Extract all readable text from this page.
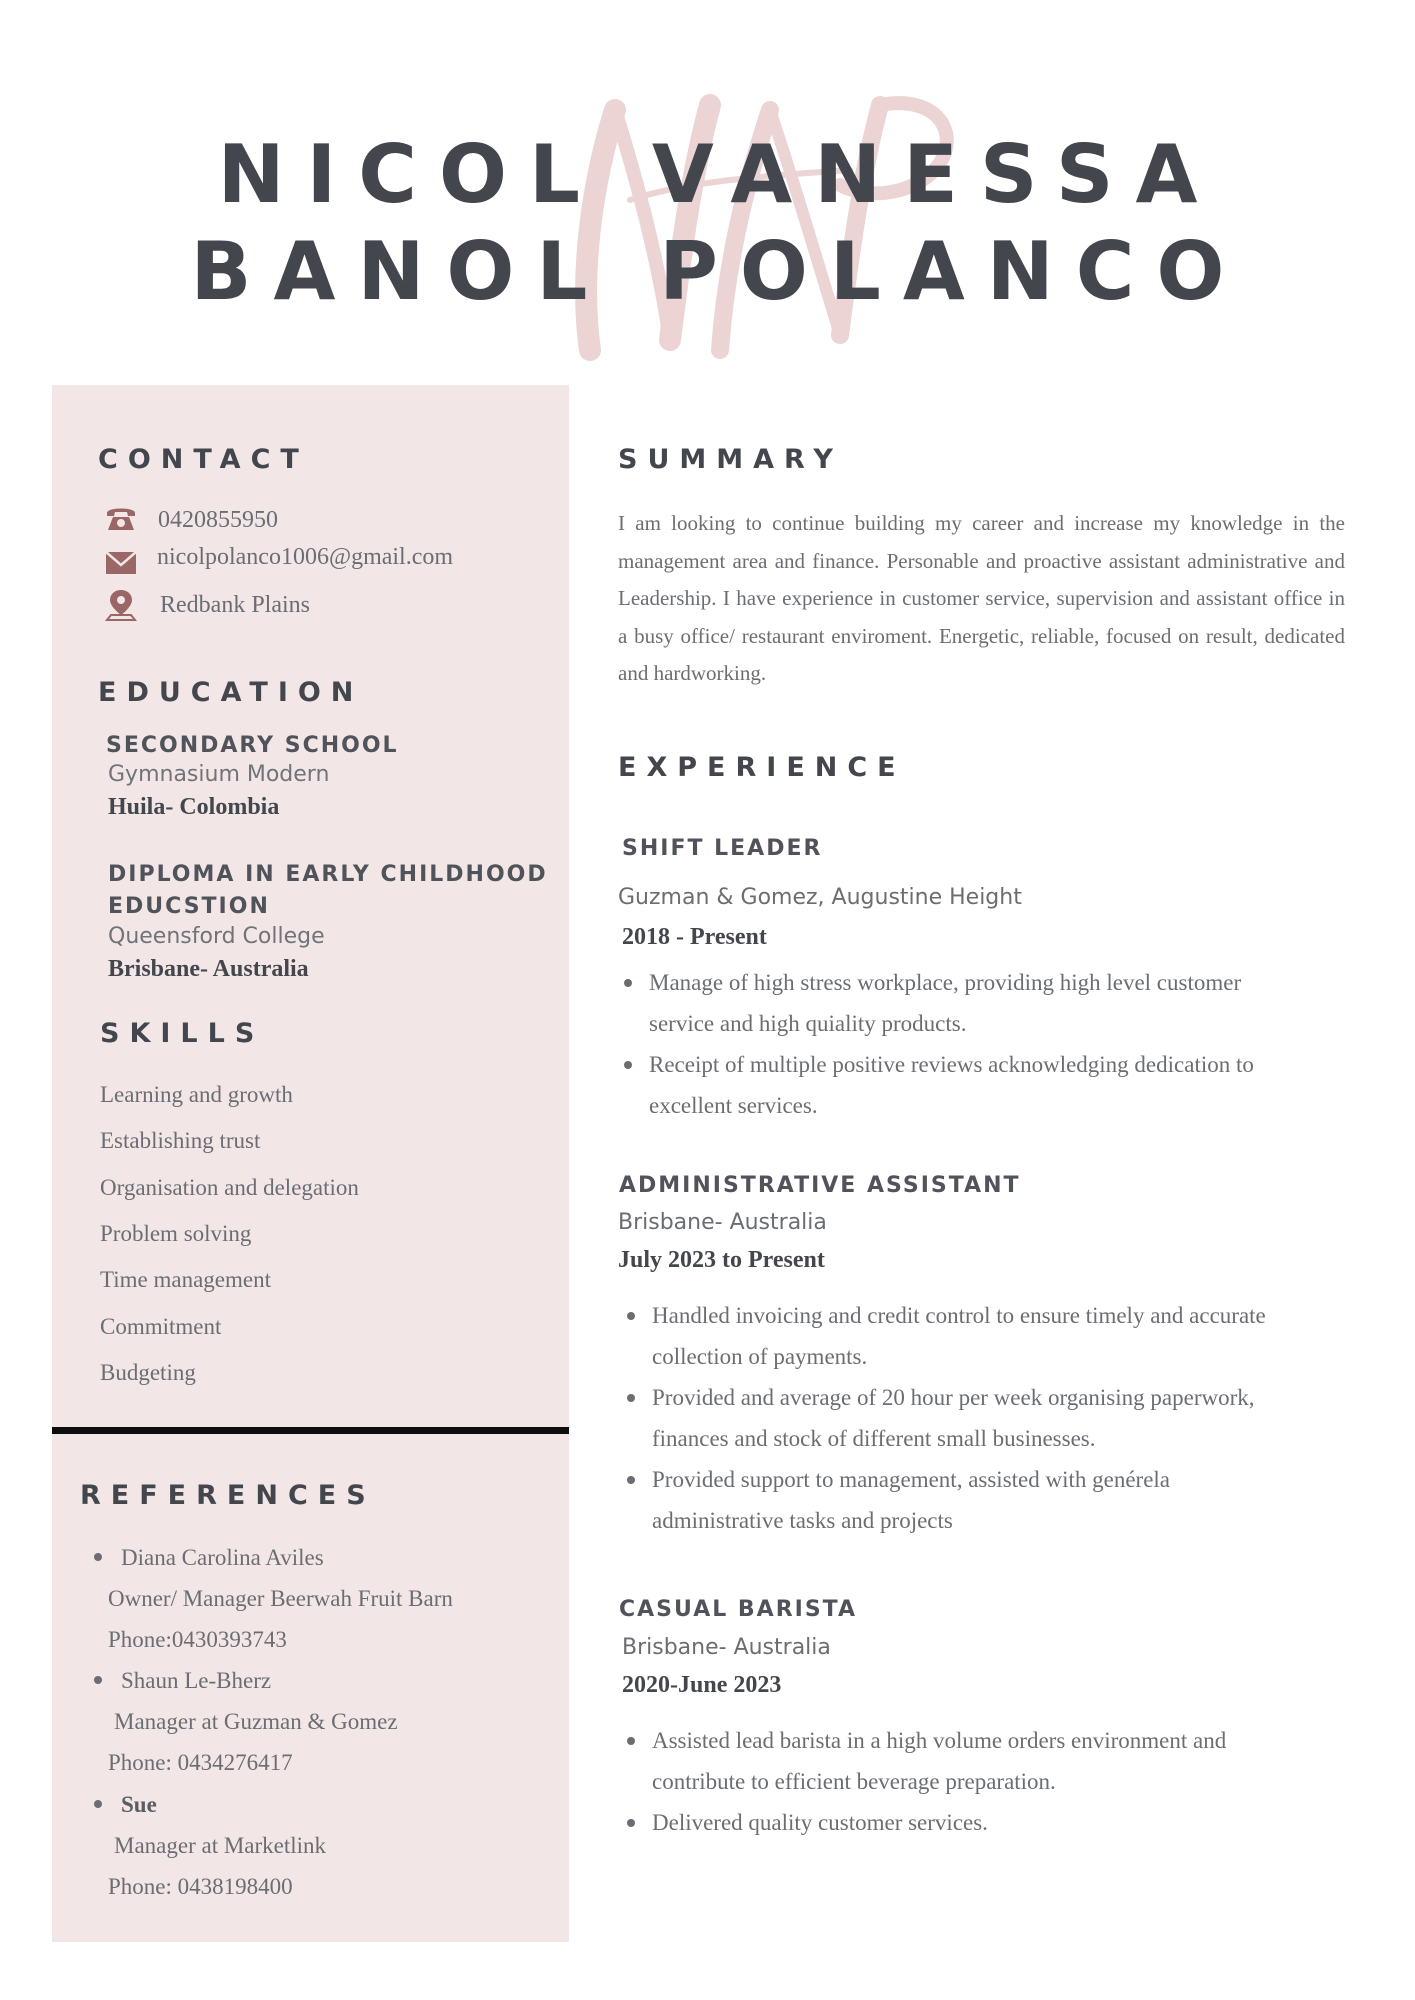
NICOL VANESSA
BANOL POLANCO
CONTACT
0420855950
nicolpolanco1006@gmail.com
Redbank Plains
EDUCATION
SECONDARY SCHOOL
Gymnasium Modern
Huila- Colombia
DIPLOMA IN EARLY CHILDHOOD
EDUCSTION
Queensford College
Brisbane- Australia
SKILLS
Learning and growth
Establishing trust
Organisation and delegation
Problem solving
Time management
Commitment
Budgeting
REFERENCES
Diana Carolina Aviles
Owner/ Manager Beerwah Fruit Barn
Phone:0430393743
Shaun Le-Bherz
Manager at Guzman & Gomez
Phone: 0434276417
Sue
Manager at Marketlink
Phone: 0438198400
SUMMARY
I am looking to continue building my career and increase my knowledge in the management area and finance. Personable and proactive assistant administrative and Leadership. I have experience in customer service, supervision and assistant office in a busy office/ restaurant enviroment. Energetic, reliable, focused on result, dedicated and hardworking.
EXPERIENCE
SHIFT LEADER
Guzman & Gomez, Augustine Height
2018 - Present
Manage of high stress workplace, providing high level customer service and high quiality products.
Receipt of multiple positive reviews acknowledging dedication to excellent services.
ADMINISTRATIVE ASSISTANT
Brisbane- Australia
July 2023 to Present
Handled invoicing and credit control to ensure timely and accurate collection of payments.
Provided and average of 20 hour per week organising paperwork, finances and stock of different small businesses.
Provided support to management, assisted with genérela administrative tasks and projects
CASUAL BARISTA
Brisbane- Australia
2020-June 2023
Assisted lead barista in a high volume orders environment and contribute to efficient beverage preparation.
Delivered quality customer services.
